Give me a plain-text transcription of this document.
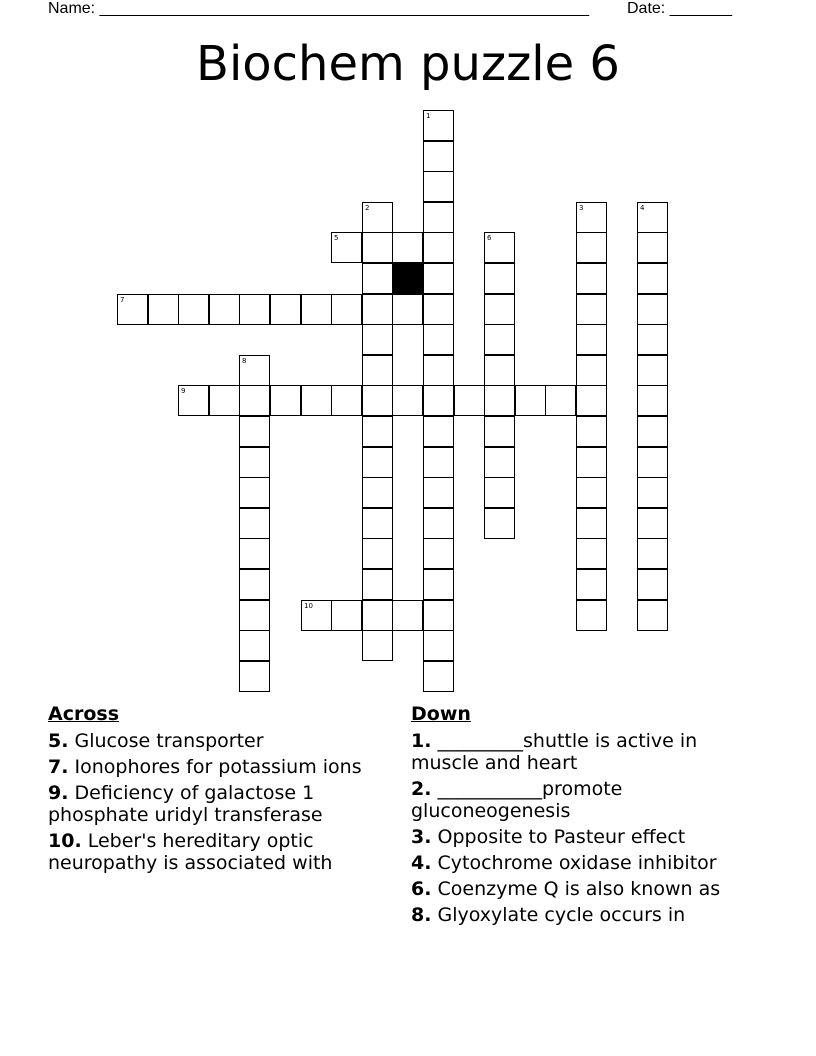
Name: _______________________________________________________ Date: _______
Biochem puzzle 6
1
2	3	4
5	6
7
8
9
10
Across
5. Glucose transporter
7. Ionophores for potassium ions
9. Deficiency of galactose 1 phosphate uridyl transferase
10. Leber's hereditary optic neuropathy is associated with
Down
1. _________shuttle is active in muscle and heart
2. ___________promote gluconeogenesis
3. Opposite to Pasteur effect
4. Cytochrome oxidase inhibitor
6. Coenzyme Q is also known as
8. Glyoxylate cycle occurs in
